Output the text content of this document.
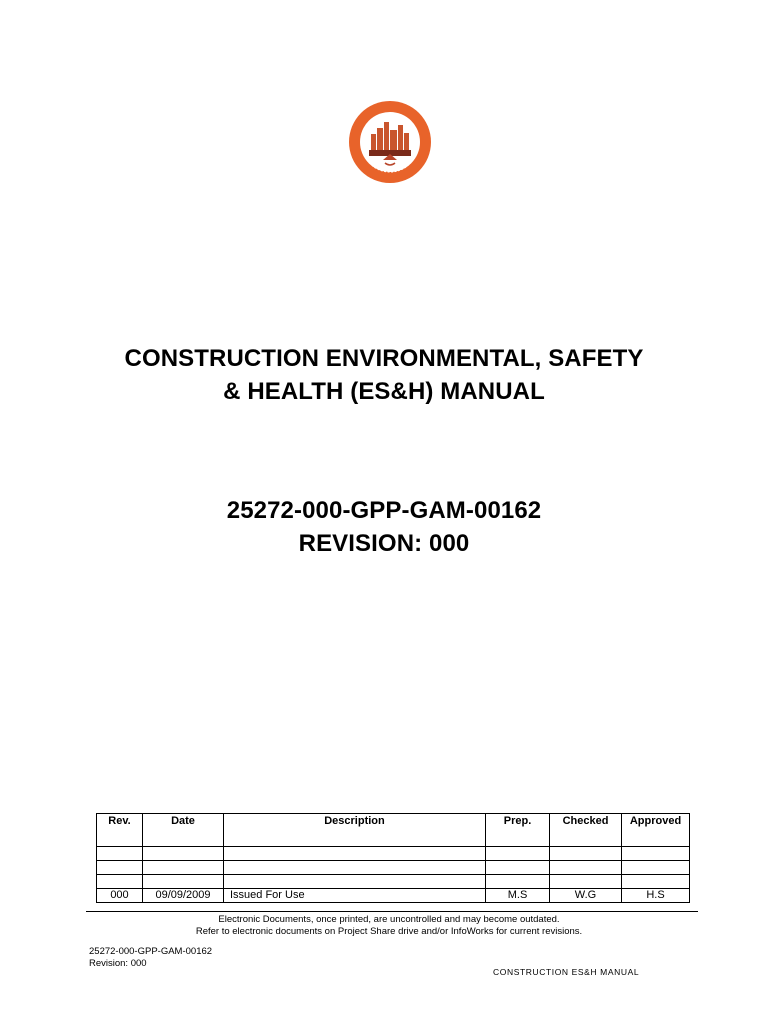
CONSTRUCTION ENVIRONMENTAL, SAFETY
& HEALTH (ES&H) MANUAL
25272-000-GPP-GAM-00162
REVISION: 000
Rev.	Date	Description	Prep.	Checked	Approved

000	09/09/2009	Issued For Use	M.S	W.G	H.S
Electronic Documents, once printed, are uncontrolled and may become outdated.
Refer to electronic documents on Project Share drive and/or InfoWorks for current revisions.
25272-000-GPP-GAM-00162
Revision: 000
CONSTRUCTION ES&H MANUAL
